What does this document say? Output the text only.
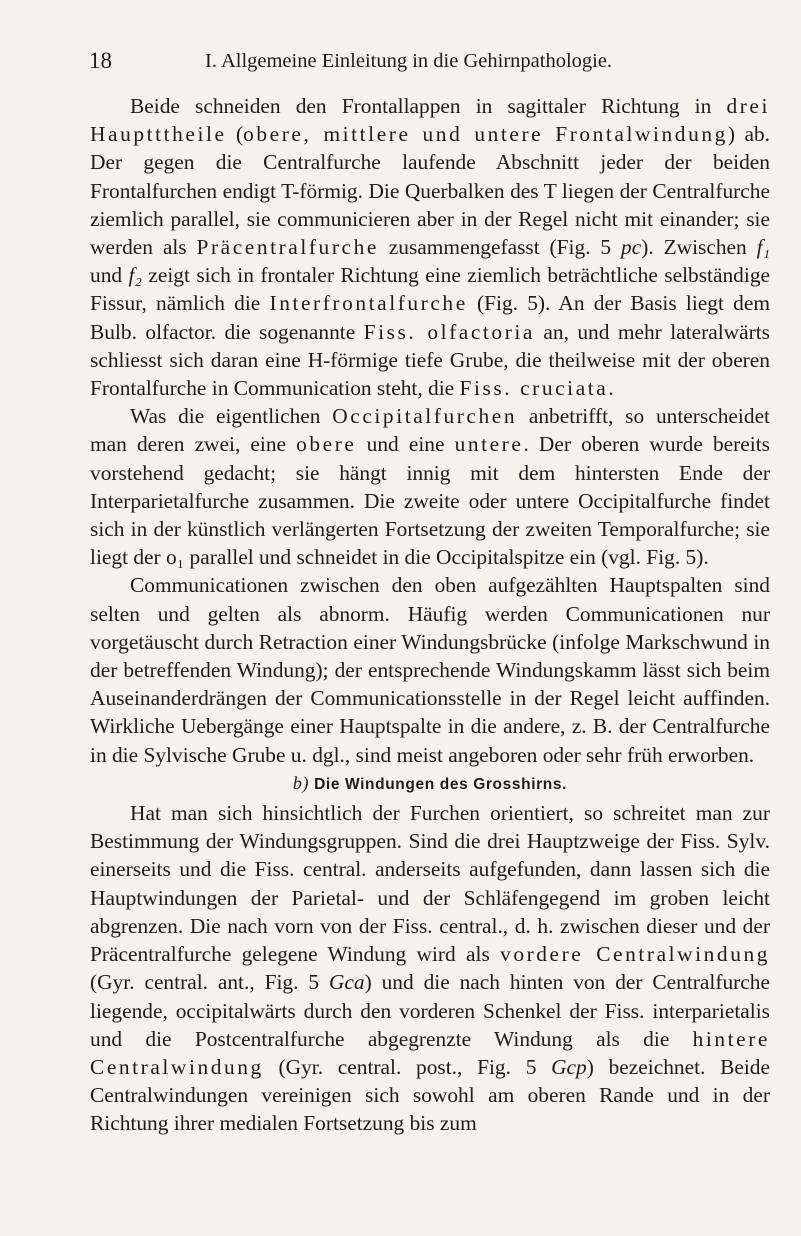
18	I. Allgemeine Einleitung in die Gehirnpathologie.

Beide schneiden den Frontallappen in sagittaler Richtung in drei Hauptttheile (obere, mittlere und untere Frontalwindung) ab. Der gegen die Centralfurche laufende Abschnitt jeder der beiden Frontalfurchen endigt T-förmig. Die Querbalken des T liegen der Centralfurche ziemlich parallel, sie communicieren aber in der Regel nicht mit einander; sie werden als Präcentralfurche zusammengefasst (Fig. 5 pc). Zwischen f₁ und f₂ zeigt sich in frontaler Richtung eine ziemlich beträchtliche selbständige Fissur, nämlich die Interfrontalfurche (Fig. 5). An der Basis liegt dem Bulb. olfactor. die sogenannte Fiss. olfactoria an, und mehr lateralwärts schliesst sich daran eine H-förmige tiefe Grube, die theilweise mit der oberen Frontalfurche in Communication steht, die Fiss. cruciata.

Was die eigentlichen Occipitalfurchen anbetrifft, so unterscheidet man deren zwei, eine obere und eine untere. Der oberen wurde bereits vorstehend gedacht; sie hängt innig mit dem hintersten Ende der Interparietalfurche zusammen. Die zweite oder untere Occipitalfurche findet sich in der künstlich verlängerten Fortsetzung der zweiten Temporalfurche; sie liegt der o₁ parallel und schneidet in die Occipitalspitze ein (vgl. Fig. 5).

Communicationen zwischen den oben aufgezählten Hauptspalten sind selten und gelten als abnorm. Häufig werden Communicationen nur vorgetäuscht durch Retraction einer Windungsbrücke (infolge Markschwund in der betreffenden Windung); der entsprechende Windungskamm lässt sich beim Auseinanderdrängen der Communicationsstelle in der Regel leicht auffinden. Wirkliche Uebergänge einer Hauptspalte in die andere, z. B. der Centralfurche in die Sylvische Grube u. dgl., sind meist angeboren oder sehr früh erworben.

b) Die Windungen des Grosshirns.

Hat man sich hinsichtlich der Furchen orientiert, so schreitet man zur Bestimmung der Windungsgruppen. Sind die drei Hauptzweige der Fiss. Sylv. einerseits und die Fiss. central. anderseits aufgefunden, dann lassen sich die Hauptwindungen der Parietal- und der Schläfengegend im groben leicht abgrenzen. Die nach vorn von der Fiss. central., d. h. zwischen dieser und der Präcentralfurche gelegene Windung wird als vordere Centralwindung (Gyr. central. ant., Fig. 5 Gca) und die nach hinten von der Centralfurche liegende, occipitalwärts durch den vorderen Schenkel der Fiss. interparietalis und die Postcentralfurche abgegrenzte Windung als die hintere Centralwindung (Gyr. central. post., Fig. 5 Gcp) bezeichnet. Beide Centralwindungen vereinigen sich sowohl am oberen Rande und in der Richtung ihrer medialen Fortsetzung bis zum
